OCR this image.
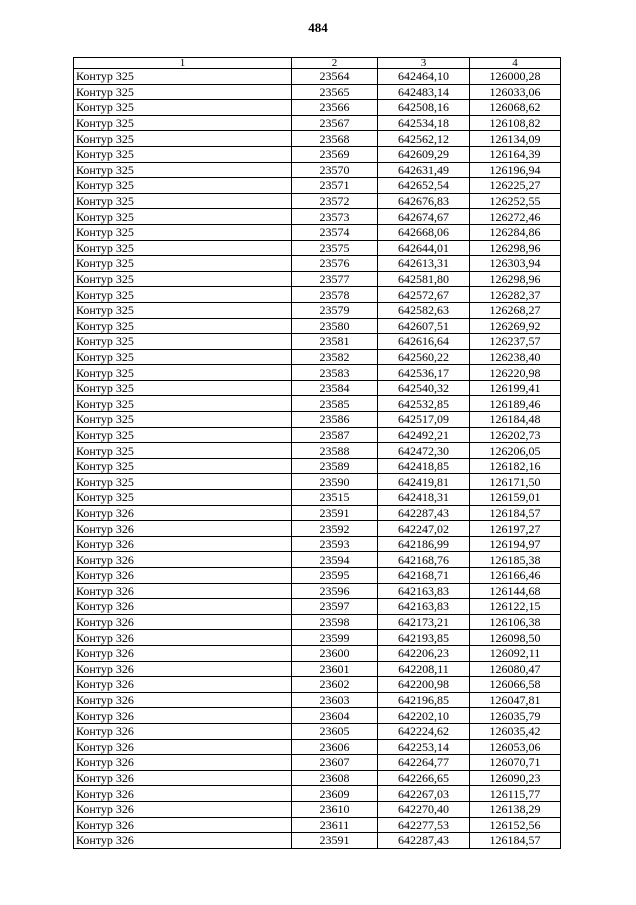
484
1	2	3	4
Контур 325	23564	642464,10	126000,28
Контур 325	23565	642483,14	126033,06
Контур 325	23566	642508,16	126068,62
Контур 325	23567	642534,18	126108,82
Контур 325	23568	642562,12	126134,09
Контур 325	23569	642609,29	126164,39
Контур 325	23570	642631,49	126196,94
Контур 325	23571	642652,54	126225,27
Контур 325	23572	642676,83	126252,55
Контур 325	23573	642674,67	126272,46
Контур 325	23574	642668,06	126284,86
Контур 325	23575	642644,01	126298,96
Контур 325	23576	642613,31	126303,94
Контур 325	23577	642581,80	126298,96
Контур 325	23578	642572,67	126282,37
Контур 325	23579	642582,63	126268,27
Контур 325	23580	642607,51	126269,92
Контур 325	23581	642616,64	126237,57
Контур 325	23582	642560,22	126238,40
Контур 325	23583	642536,17	126220,98
Контур 325	23584	642540,32	126199,41
Контур 325	23585	642532,85	126189,46
Контур 325	23586	642517,09	126184,48
Контур 325	23587	642492,21	126202,73
Контур 325	23588	642472,30	126206,05
Контур 325	23589	642418,85	126182,16
Контур 325	23590	642419,81	126171,50
Контур 325	23515	642418,31	126159,01
Контур 326	23591	642287,43	126184,57
Контур 326	23592	642247,02	126197,27
Контур 326	23593	642186,99	126194,97
Контур 326	23594	642168,76	126185,38
Контур 326	23595	642168,71	126166,46
Контур 326	23596	642163,83	126144,68
Контур 326	23597	642163,83	126122,15
Контур 326	23598	642173,21	126106,38
Контур 326	23599	642193,85	126098,50
Контур 326	23600	642206,23	126092,11
Контур 326	23601	642208,11	126080,47
Контур 326	23602	642200,98	126066,58
Контур 326	23603	642196,85	126047,81
Контур 326	23604	642202,10	126035,79
Контур 326	23605	642224,62	126035,42
Контур 326	23606	642253,14	126053,06
Контур 326	23607	642264,77	126070,71
Контур 326	23608	642266,65	126090,23
Контур 326	23609	642267,03	126115,77
Контур 326	23610	642270,40	126138,29
Контур 326	23611	642277,53	126152,56
Контур 326	23591	642287,43	126184,57
